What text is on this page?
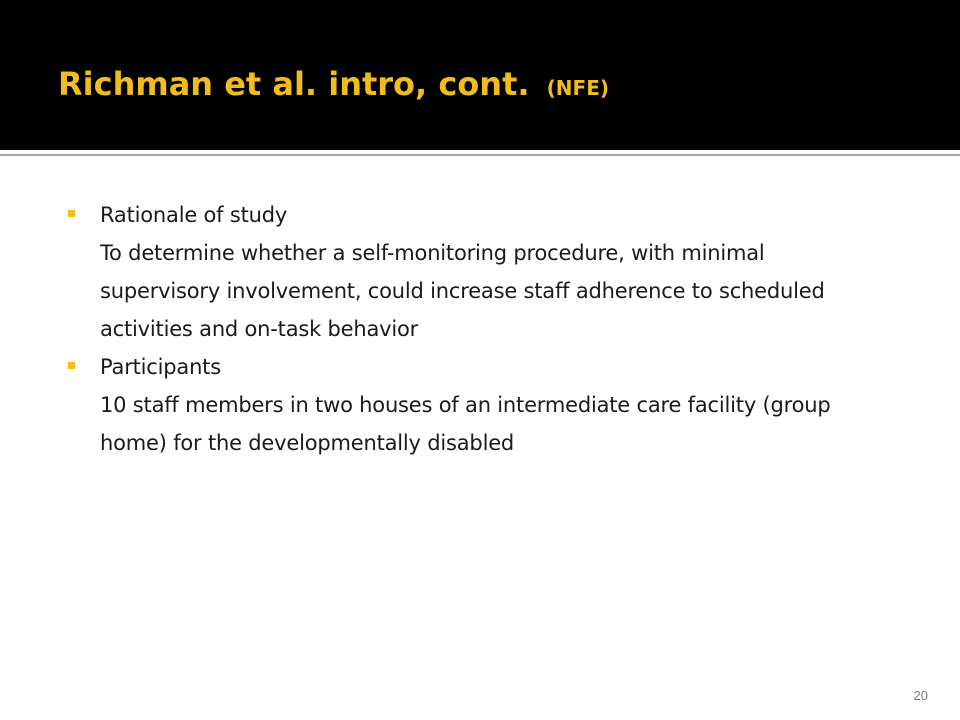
Richman et al. intro, cont. (NFE)
Rationale of study
To determine whether a self-monitoring procedure, with minimal supervisory involvement, could increase staff adherence to scheduled activities and on-task behavior
Participants
10 staff members in two houses of an intermediate care facility (group home) for the developmentally disabled
20
